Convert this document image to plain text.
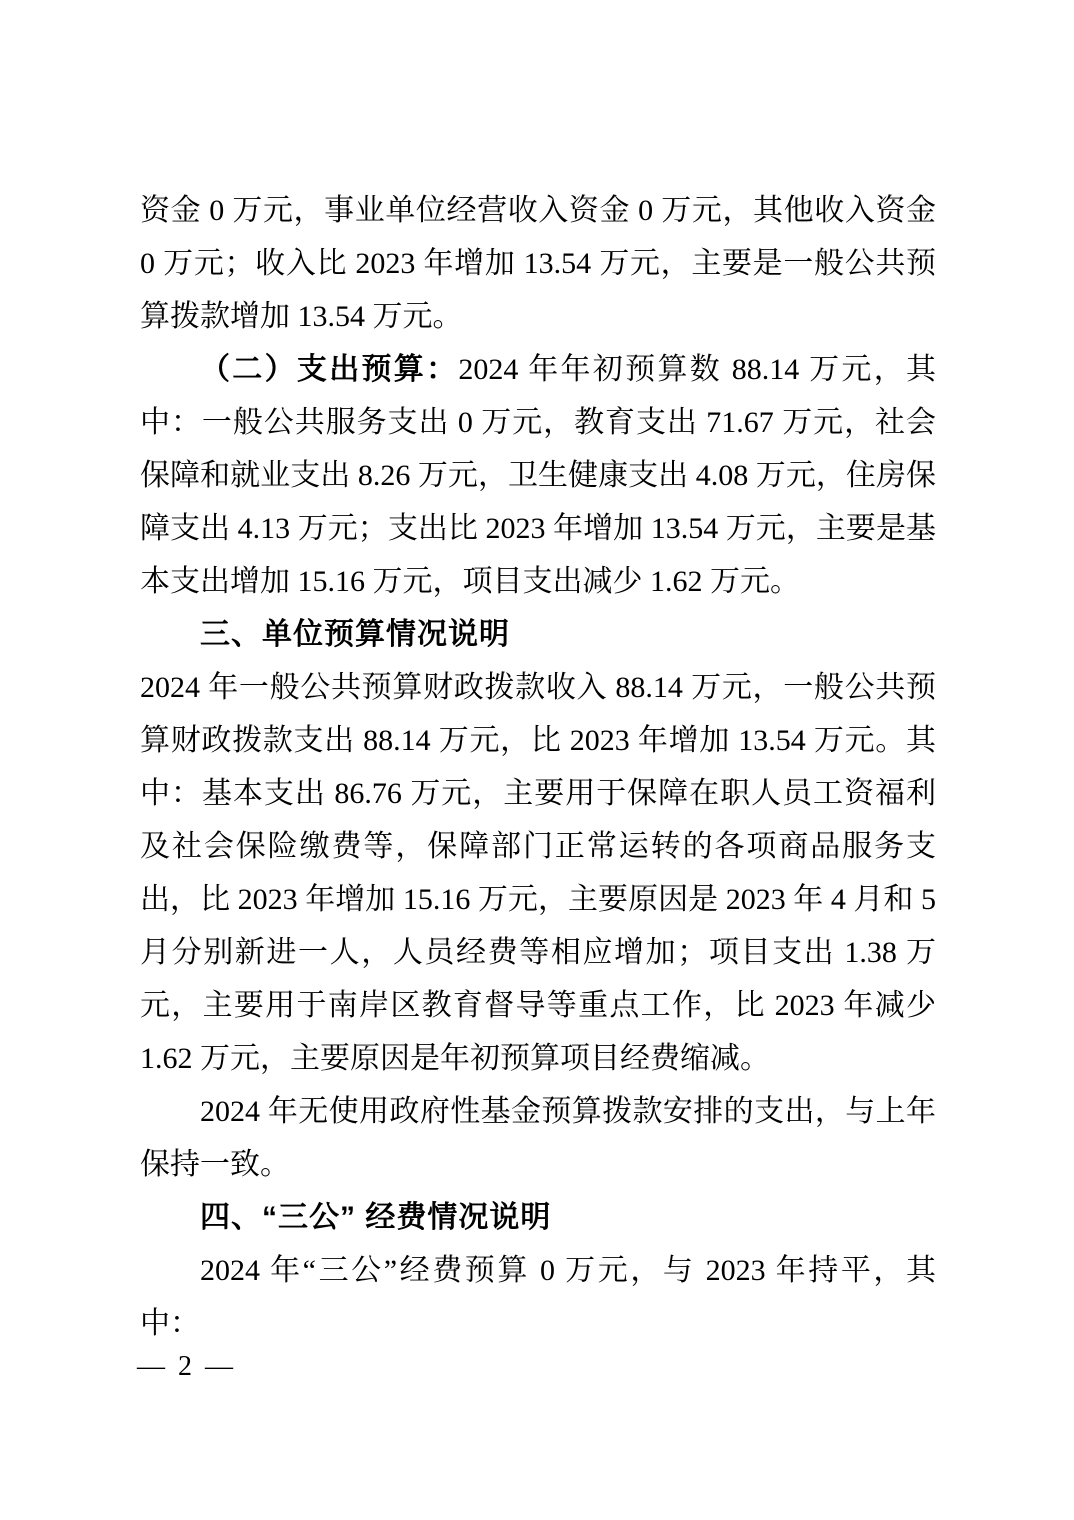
资金 0 万元，事业单位经营收入资金 0 万元，其他收入资金 0 万元；收入比 2023 年增加 13.54 万元，主要是一般公共预算拨款增加 13.54 万元。

（二）支出预算：2024 年年初预算数 88.14 万元，其中：一般公共服务支出 0 万元，教育支出 71.67 万元，社会保障和就业支出 8.26 万元，卫生健康支出 4.08 万元，住房保障支出 4.13 万元；支出比 2023 年增加 13.54 万元，主要是基本支出增加 15.16 万元，项目支出减少 1.62 万元。

三、单位预算情况说明

2024 年一般公共预算财政拨款收入 88.14 万元，一般公共预算财政拨款支出 88.14 万元，比 2023 年增加 13.54 万元。其中：基本支出 86.76 万元，主要用于保障在职人员工资福利及社会保险缴费等，保障部门正常运转的各项商品服务支出，比 2023 年增加 15.16 万元，主要原因是 2023 年 4 月和 5 月分别新进一人，人员经费等相应增加；项目支出 1.38 万元，主要用于南岸区教育督导等重点工作，比 2023 年减少 1.62 万元，主要原因是年初预算项目经费缩减。

2024 年无使用政府性基金预算拨款安排的支出，与上年保持一致。

四、“三公” 经费情况说明

2024 年“三公”经费预算 0 万元，与 2023 年持平，其中：

— 2 —
